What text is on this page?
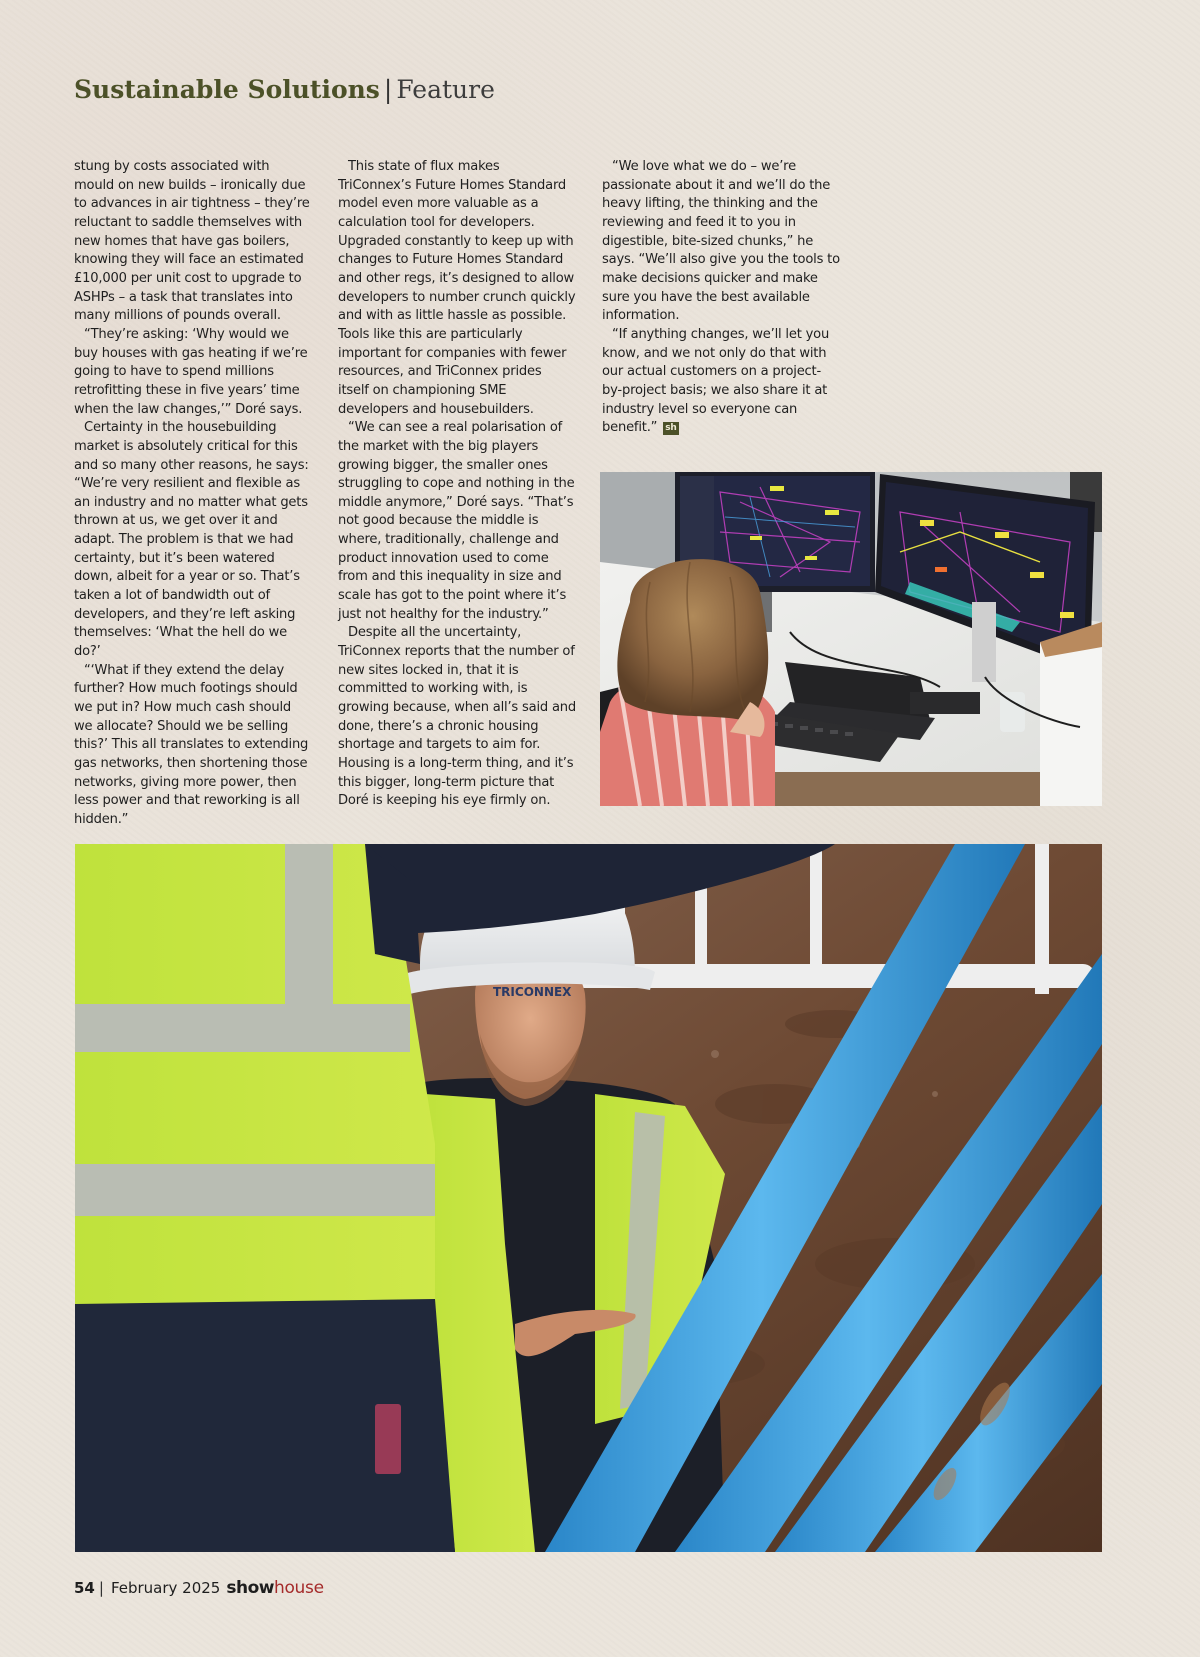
Sustainable Solutions | Feature

stung by costs associated with mould on new builds – ironically due to advances in air tightness – they’re reluctant to saddle themselves with new homes that have gas boilers, knowing they will face an estimated £10,000 per unit cost to upgrade to ASHPs – a task that translates into many millions of pounds overall.

“They’re asking: ‘Why would we buy houses with gas heating if we’re going to have to spend millions retrofitting these in five years’ time when the law changes,’” Doré says.

Certainty in the housebuilding market is absolutely critical for this and so many other reasons, he says: “We’re very resilient and flexible as an industry and no matter what gets thrown at us, we get over it and adapt. The problem is that we had certainty, but it’s been watered down, albeit for a year or so. That’s taken a lot of bandwidth out of developers, and they’re left asking themselves: ‘What the hell do we do?’

“‘What if they extend the delay further? How much footings should we put in? How much cash should we allocate? Should we be selling this?’ This all translates to extending gas networks, then shortening those networks, giving more power, then less power and that reworking is all hidden.”

This state of flux makes TriConnex’s Future Homes Standard model even more valuable as a calculation tool for developers. Upgraded constantly to keep up with changes to Future Homes Standard and other regs, it’s designed to allow developers to number crunch quickly and with as little hassle as possible. Tools like this are particularly important for companies with fewer resources, and TriConnex prides itself on championing SME developers and housebuilders.

“We can see a real polarisation of the market with the big players growing bigger, the smaller ones struggling to cope and nothing in the middle anymore,” Doré says. “That’s not good because the middle is where, traditionally, challenge and product innovation used to come from and this inequality in size and scale has got to the point where it’s just not healthy for the industry.”

Despite all the uncertainty, TriConnex reports that the number of new sites locked in, that it is committed to working with, is growing because, when all’s said and done, there’s a chronic housing shortage and targets to aim for. Housing is a long-term thing, and it’s this bigger, long-term picture that Doré is keeping his eye firmly on.

“We love what we do – we’re passionate about it and we’ll do the heavy lifting, the thinking and the reviewing and feed it to you in digestible, bite-sized chunks,” he says. “We’ll also give you the tools to make decisions quicker and make sure you have the best available information.

“If anything changes, we’ll let you know, and we not only do that with our actual customers on a project-by-project basis; we also share it at industry level so everyone can benefit.” sh

TRICONNEX
54 | February 2025 showhouse
